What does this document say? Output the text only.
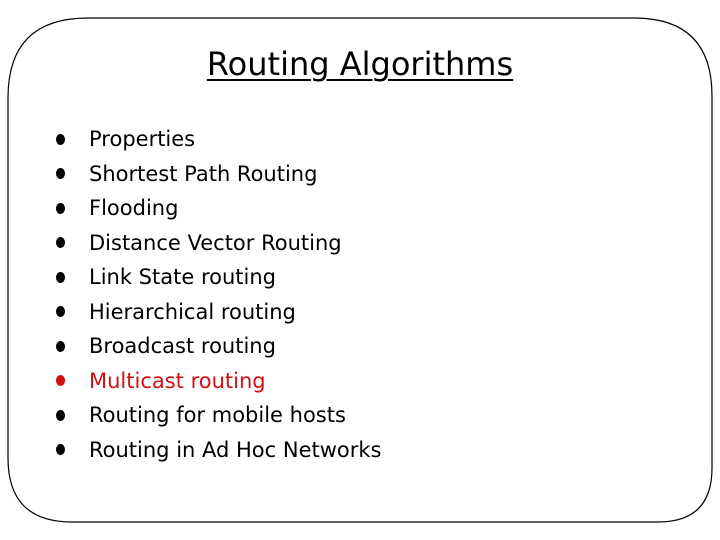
Routing Algorithms
Properties
Shortest Path Routing
Flooding
Distance Vector Routing
Link State routing
Hierarchical routing
Broadcast routing
Multicast routing
Routing for mobile hosts
Routing in Ad Hoc Networks
